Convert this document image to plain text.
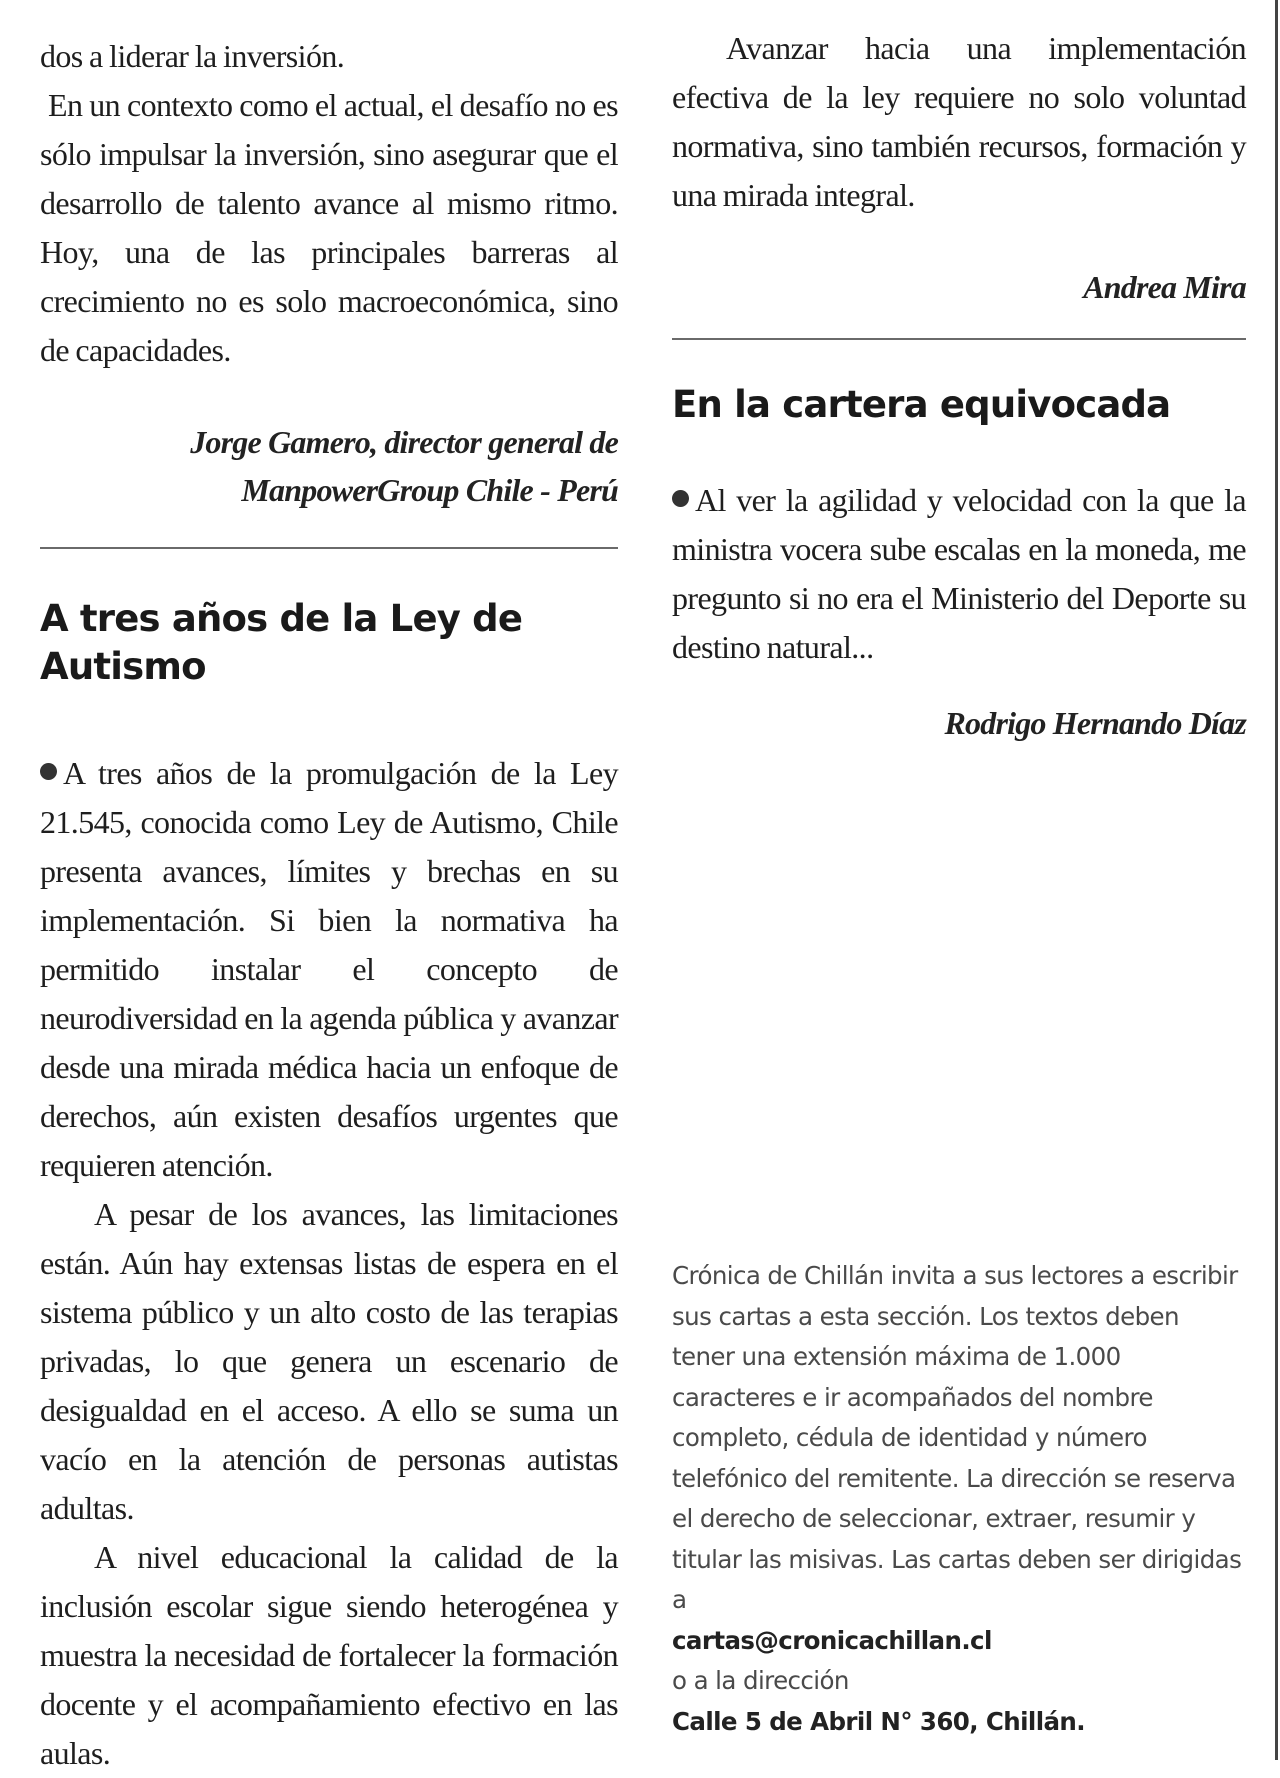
dos a liderar la inversión.

En un contexto como el actual, el desafío no es sólo impulsar la inversión, sino asegurar que el desarrollo de talento avance al mismo ritmo. Hoy, una de las principales barreras al crecimiento no es solo macroeconómica, sino de capacidades.

Jorge Gamero, director general de

ManpowerGroup Chile - Perú

A tres años de la Ley de

Autismo

A tres años de la promulgación de la Ley 21.545, conocida como Ley de Autismo, Chile presenta avances, límites y brechas en su implementación. Si bien la normativa ha permitido instalar el concepto de neurodiversidad en la agenda pública y avanzar desde una mirada médica hacia un enfoque de derechos, aún existen desafíos urgentes que requieren atención.

A pesar de los avances, las limitaciones están. Aún hay extensas listas de espera en el sistema público y un alto costo de las terapias privadas, lo que genera un escenario de desigualdad en el acceso. A ello se suma un vacío en la atención de personas autistas adultas.

A nivel educacional la calidad de la inclusión escolar sigue siendo heterogénea y muestra la necesidad de fortalecer la formación docente y el acompañamiento efectivo en las aulas.

Avanzar hacia una implementación efectiva de la ley requiere no solo voluntad normativa, sino también recursos, formación y una mirada integral.

Andrea Mira

En la cartera equivocada

Al ver la agilidad y velocidad con la que la ministra vocera sube escalas en la moneda, me pregunto si no era el Ministerio del Deporte su destino natural...

Rodrigo Hernando Díaz

Crónica de Chillán invita a sus lectores a escribir sus cartas a esta sección. Los textos deben tener una extensión máxima de 1.000 caracteres e ir acompañados del nombre completo, cédula de identidad y número telefónico del remitente. La dirección se reserva el derecho de seleccionar, extraer, resumir y titular las misivas. Las cartas deben ser dirigidas a

cartas@cronicachillan.cl

o a la dirección

Calle 5 de Abril N° 360, Chillán.
